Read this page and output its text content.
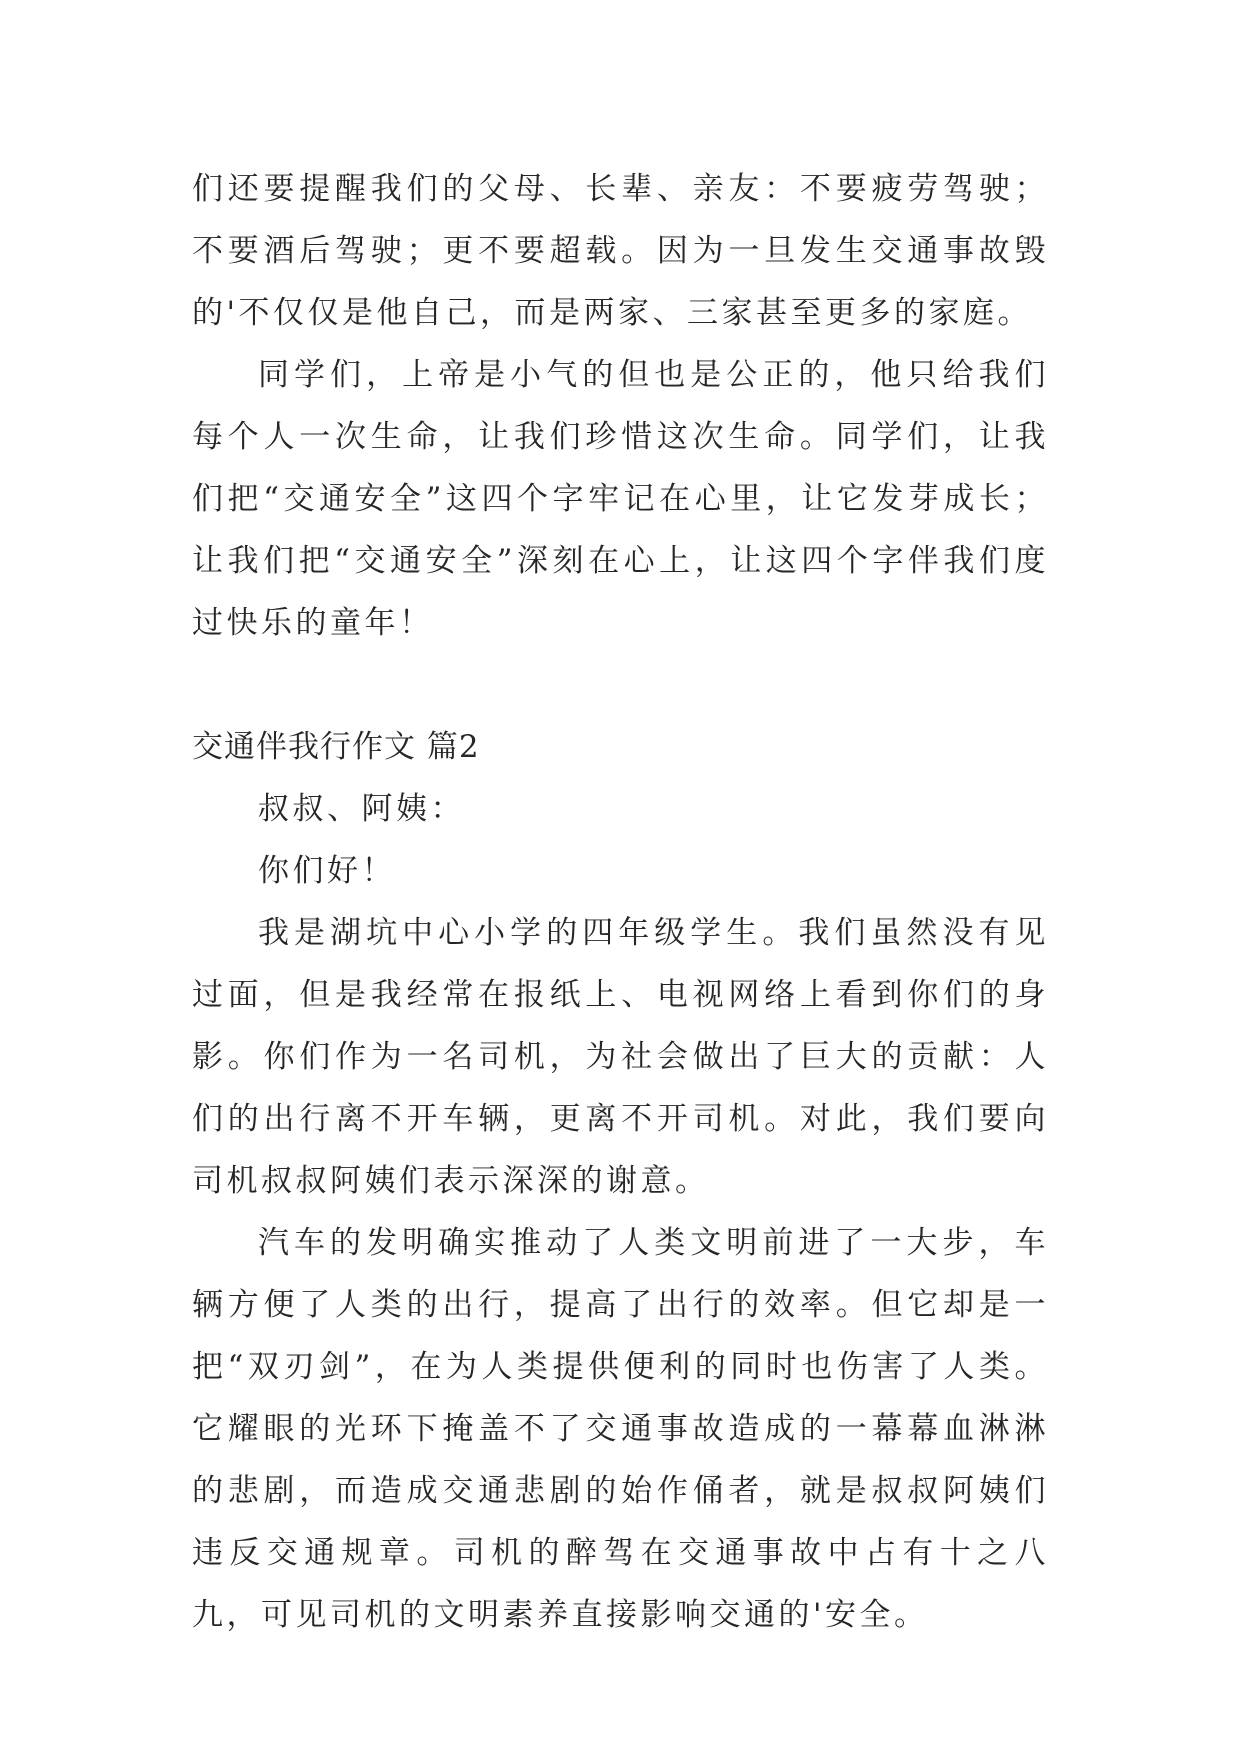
们还要提醒我们的父母、长辈、亲友：不要疲劳驾驶；不要酒后驾驶；更不要超载。因为一旦发生交通事故毁的'不仅仅是他自己，而是两家、三家甚至更多的家庭。

同学们，上帝是小气的但也是公正的，他只给我们每个人一次生命，让我们珍惜这次生命。同学们，让我们把“交通安全”这四个字牢记在心里，让它发芽成长；让我们把“交通安全”深刻在心上，让这四个字伴我们度过快乐的童年！

交通伴我行作文 篇2

叔叔、阿姨：

你们好！

我是湖坑中心小学的四年级学生。我们虽然没有见过面，但是我经常在报纸上、电视网络上看到你们的身影。你们作为一名司机，为社会做出了巨大的贡献：人们的出行离不开车辆，更离不开司机。对此，我们要向司机叔叔阿姨们表示深深的谢意。

汽车的发明确实推动了人类文明前进了一大步，车辆方便了人类的出行，提高了出行的效率。但它却是一把“双刃剑”，在为人类提供便利的同时也伤害了人类。它耀眼的光环下掩盖不了交通事故造成的一幕幕血淋淋的悲剧，而造成交通悲剧的始作俑者，就是叔叔阿姨们违反交通规章。司机的醉驾在交通事故中占有十之八九，可见司机的文明素养直接影响交通的'安全。
